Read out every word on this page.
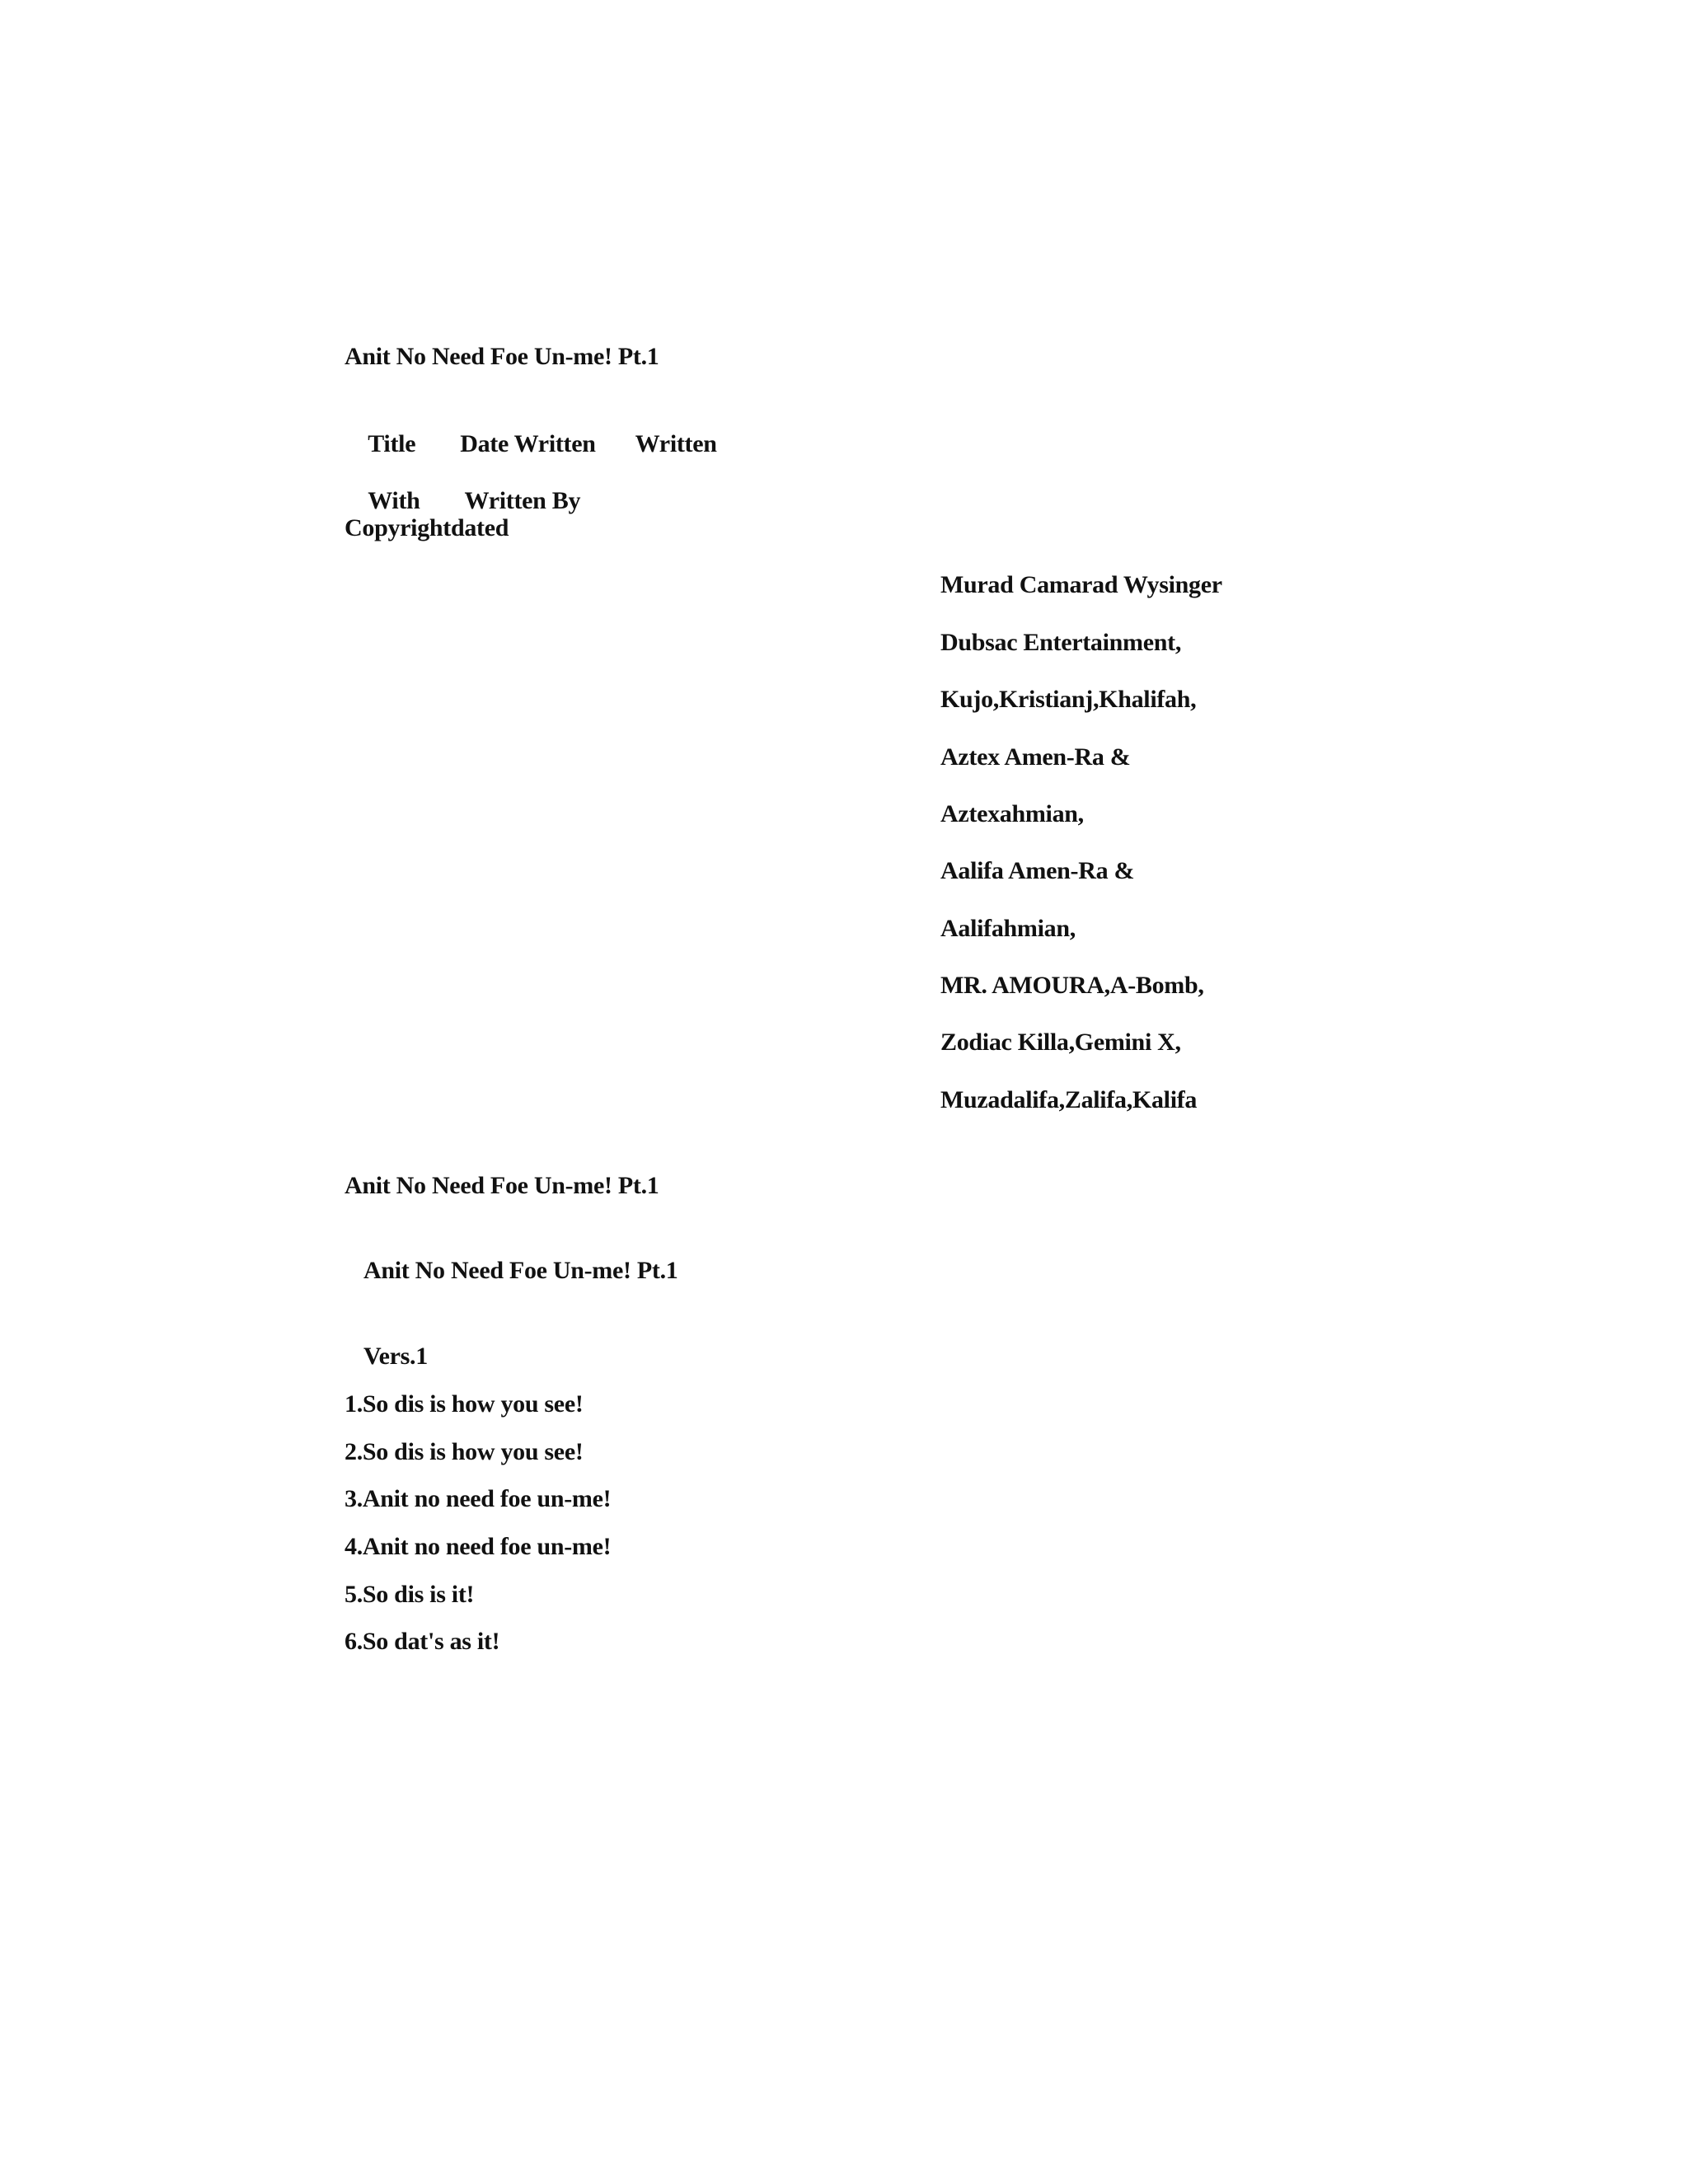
Anit No Need Foe Un-me! Pt.1

Title Date Written Written

With Written By

Copyrightdated
Murad Camarad Wysinger
Dubsac Entertainment,
Kujo,Kristianj,Khalifah,
Aztex Amen-Ra &
Aztexahmian,
Aalifa Amen-Ra &
Aalifahmian,
MR. AMOURA,A-Bomb,
Zodiac Killa,Gemini X,
Muzadalifa,Zalifa,Kalifa
Anit No Need Foe Un-me! Pt.1
Anit No Need Foe Un-me! Pt.1
Vers.1
1.So dis is how you see!
2.So dis is how you see!
3.Anit no need foe un-me!
4.Anit no need foe un-me!
5.So dis is it!
6.So dat's as it!
